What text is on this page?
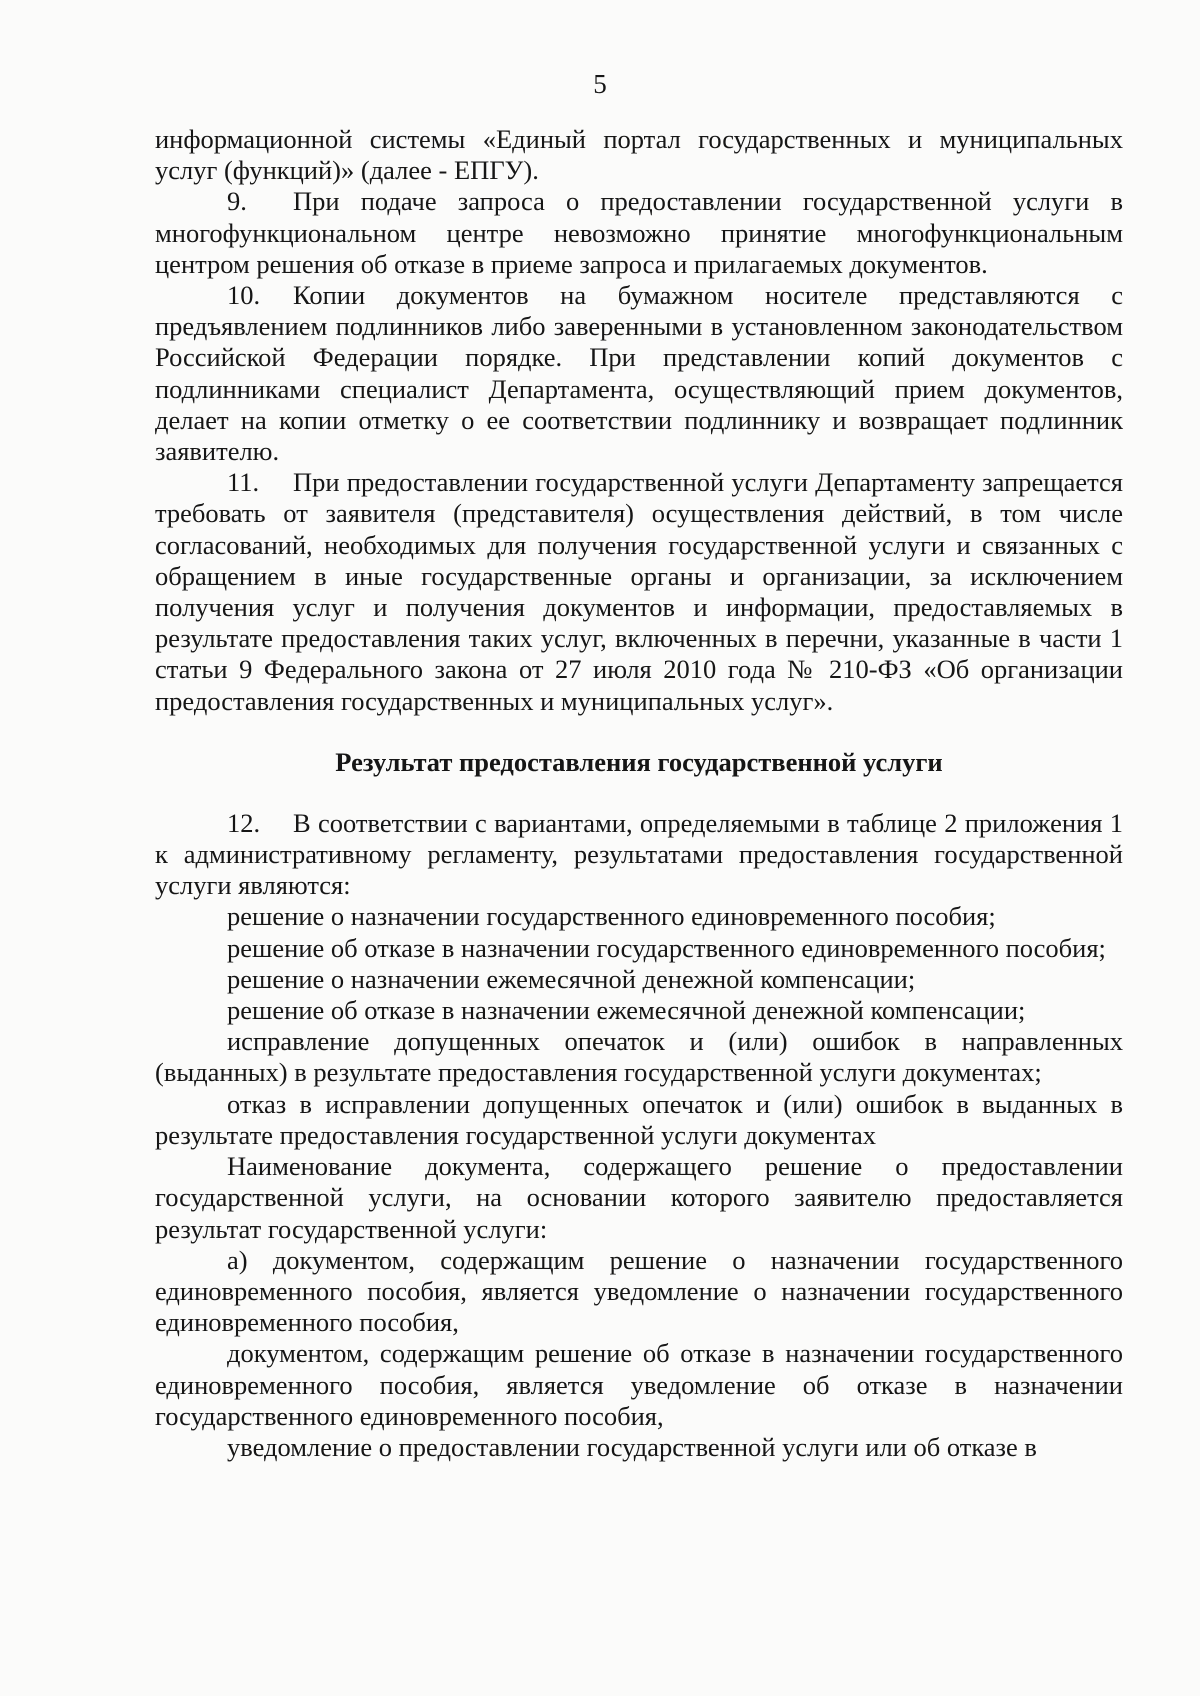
5

информационной системы «Единый портал государственных и муниципальных услуг (функций)» (далее - ЕПГУ).

9. При подаче запроса о предоставлении государственной услуги в многофункциональном центре невозможно принятие многофункциональным центром решения об отказе в приеме запроса и прилагаемых документов.

10. Копии документов на бумажном носителе представляются с предъявлением подлинников либо заверенными в установленном законодательством Российской Федерации порядке. При представлении копий документов с подлинниками специалист Департамента, осуществляющий прием документов, делает на копии отметку о ее соответствии подлиннику и возвращает подлинник заявителю.

11. При предоставлении государственной услуги Департаменту запрещается требовать от заявителя (представителя) осуществления действий, в том числе согласований, необходимых для получения государственной услуги и связанных с обращением в иные государственные органы и организации, за исключением получения услуг и получения документов и информации, предоставляемых в результате предоставления таких услуг, включенных в перечни, указанные в части 1 статьи 9 Федерального закона от 27 июля 2010 года № 210-ФЗ «Об организации предоставления государственных и муниципальных услуг».

Результат предоставления государственной услуги

12. В соответствии с вариантами, определяемыми в таблице 2 приложения 1 к административному регламенту, результатами предоставления государственной услуги являются:

решение о назначении государственного единовременного пособия;

решение об отказе в назначении государственного единовременного пособия;

решение о назначении ежемесячной денежной компенсации;

решение об отказе в назначении ежемесячной денежной компенсации;

исправление допущенных опечаток и (или) ошибок в направленных (выданных) в результате предоставления государственной услуги документах;

отказ в исправлении допущенных опечаток и (или) ошибок в выданных в результате предоставления государственной услуги документах

Наименование документа, содержащего решение о предоставлении государственной услуги, на основании которого заявителю предоставляется результат государственной услуги:

а) документом, содержащим решение о назначении государственного единовременного пособия, является уведомление о назначении государственного единовременного пособия,

документом, содержащим решение об отказе в назначении государственного единовременного пособия, является уведомление об отказе в назначении государственного единовременного пособия,

уведомление о предоставлении государственной услуги или об отказе в
